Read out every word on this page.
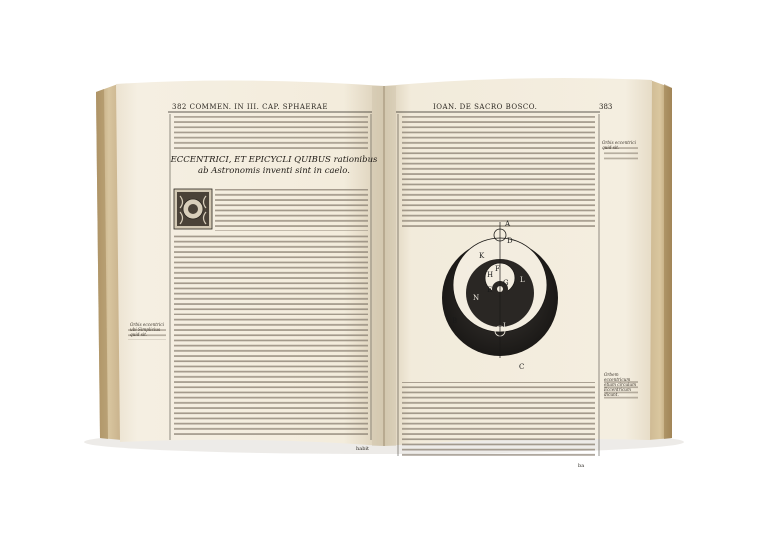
A
B
C
D
E
F
G
H
I
K
L
M
N
382 COMMEN. IN III. CAP. SPHAERAE	IOAN. DE SACRO BOSCO.	383
ECCENTRICI, ET EPICYCLI QUIBUS rationibus ab Astronomis inventi sint in caelo.
habit
ba
Orbis eccentrici ubi Simplicius quid sit.
Orbis eccentrici quid sit.
Orbem eccentricum etiam circulum Eccentricum dicunt.
